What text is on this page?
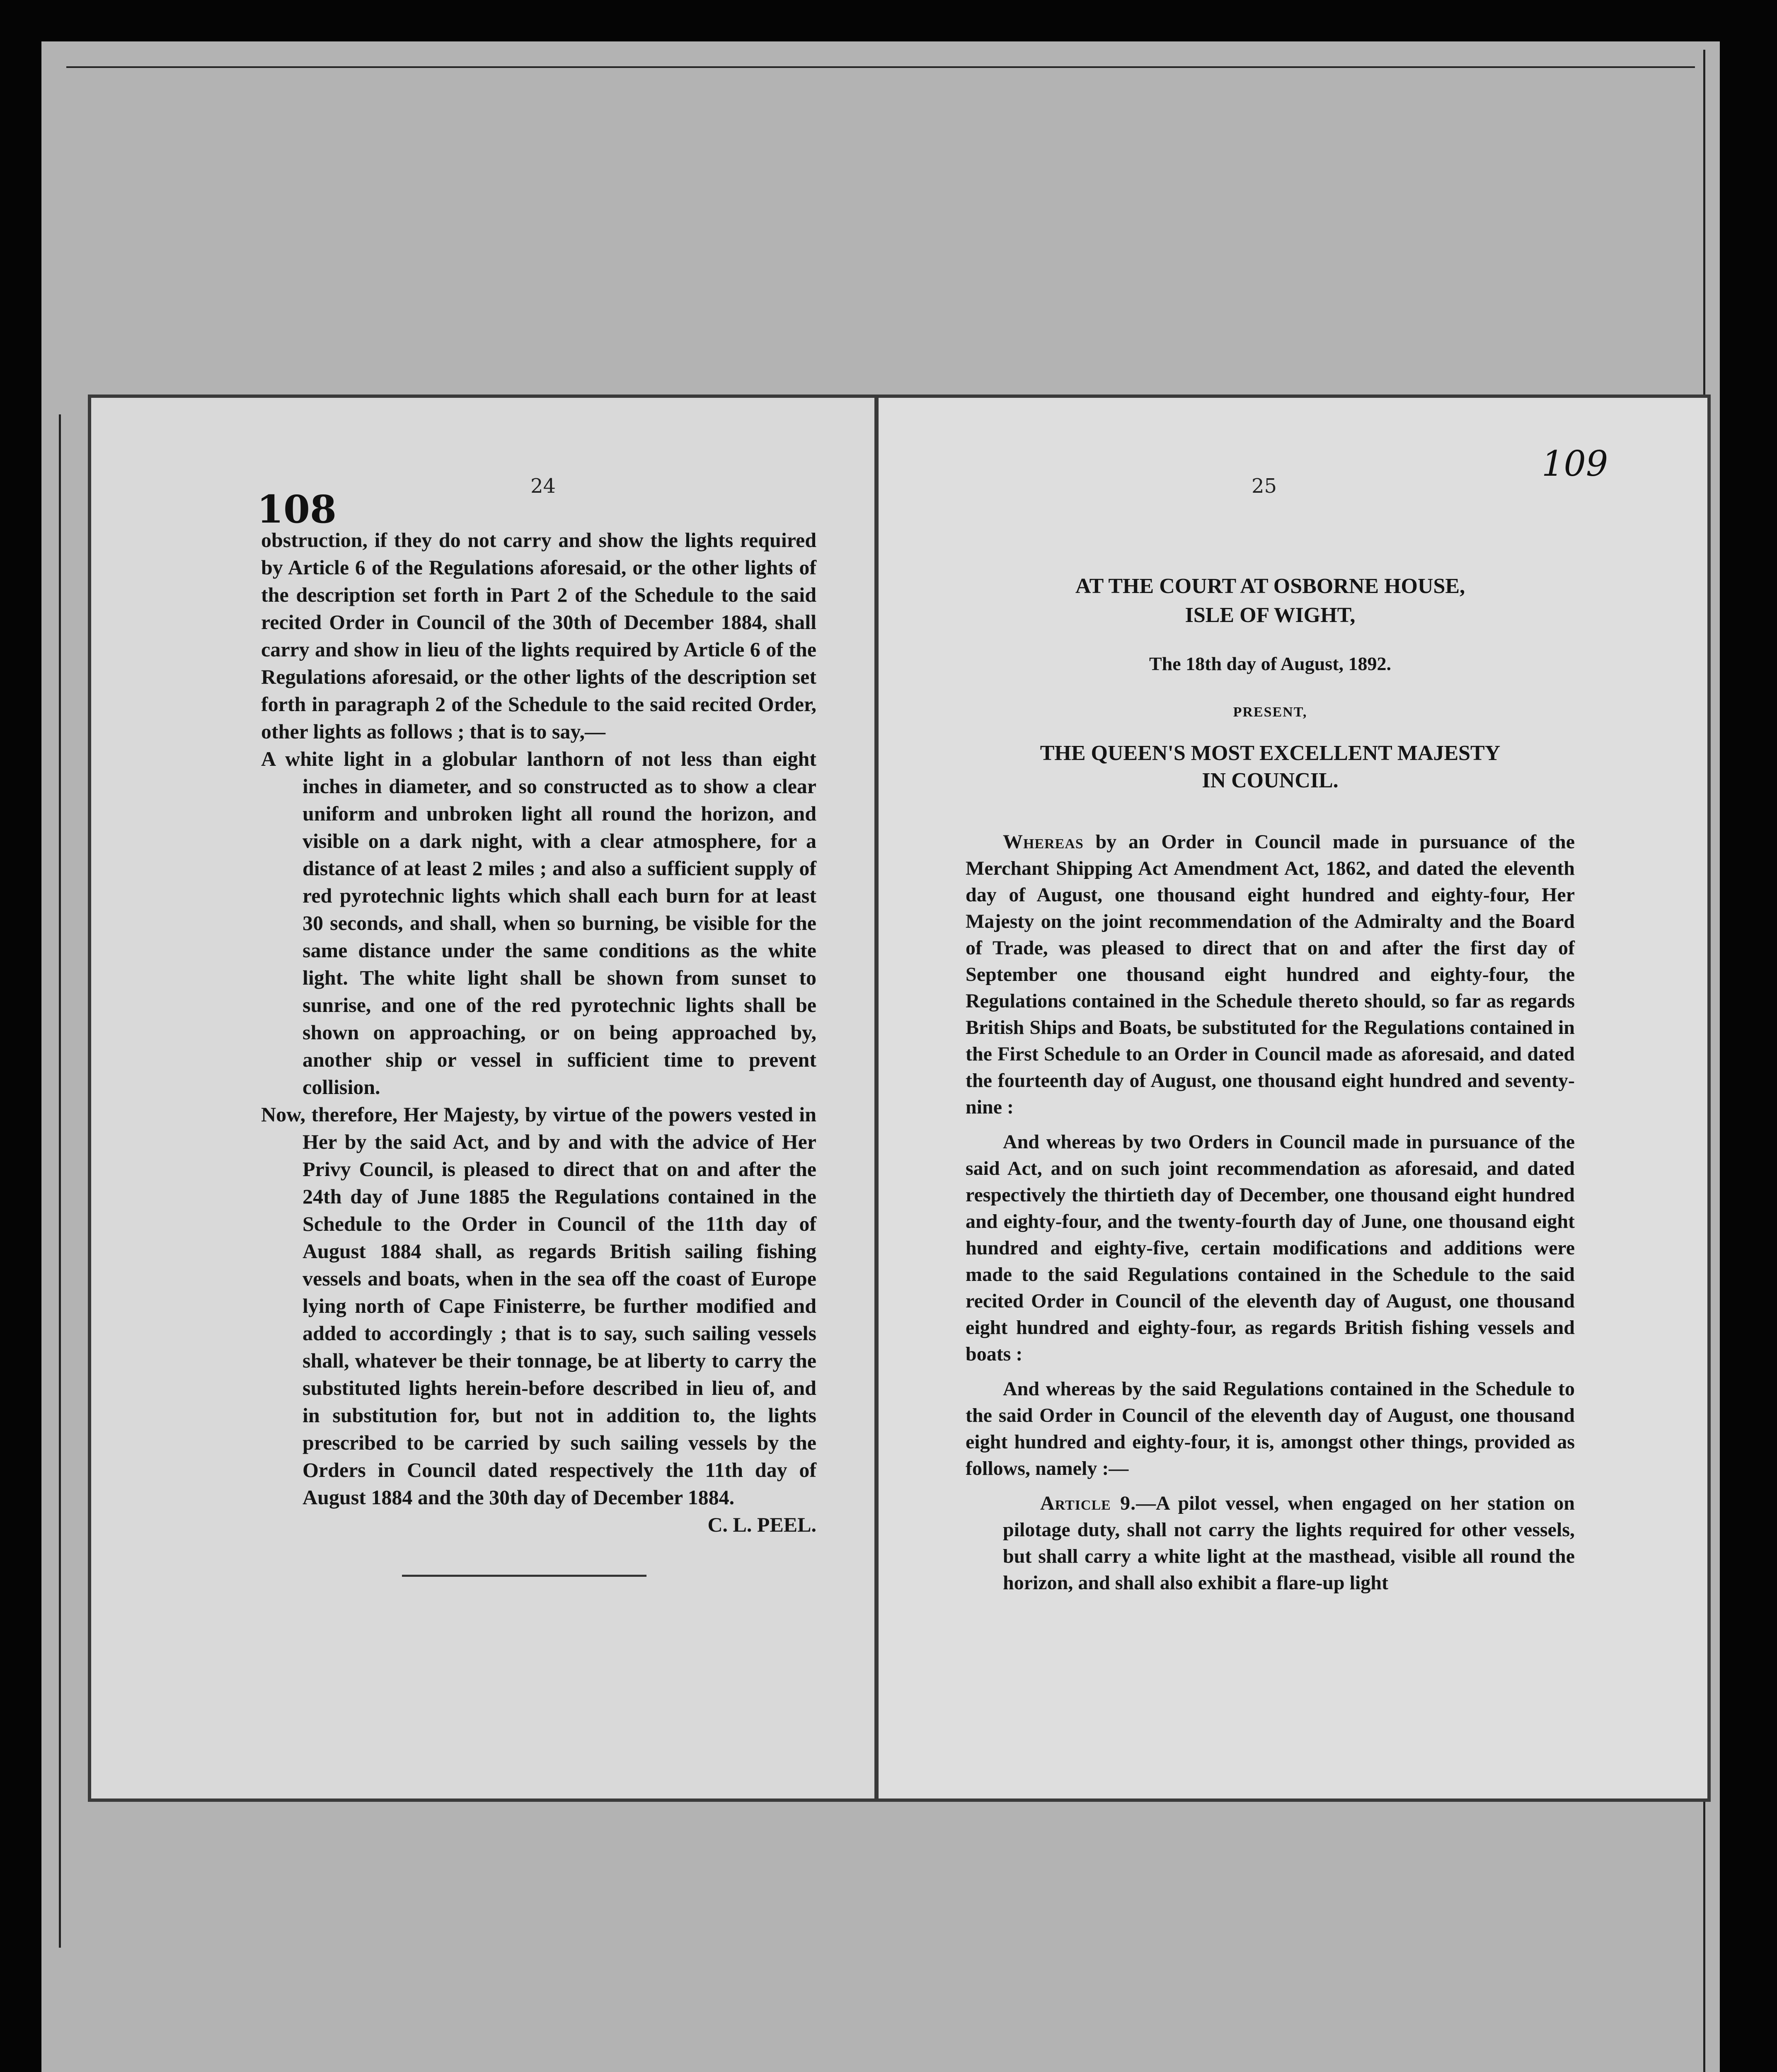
108
24

obstruction, if they do not carry and show the lights required by Article 6 of the Regulations aforesaid, or the other lights of the description set forth in Part 2 of the Schedule to the said recited Order in Council of the 30th of December 1884, shall carry and show in lieu of the lights required by Article 6 of the Regulations aforesaid, or the other lights of the description set forth in paragraph 2 of the Schedule to the said recited Order, other lights as follows ; that is to say,—

A white light in a globular lanthorn of not less than eight inches in diameter, and so constructed as to show a clear uniform and unbroken light all round the horizon, and visible on a dark night, with a clear atmosphere, for a distance of at least 2 miles ; and also a sufficient supply of red pyrotechnic lights which shall each burn for at least 30 seconds, and shall, when so burning, be visible for the same distance under the same conditions as the white light. The white light shall be shown from sunset to sunrise, and one of the red pyrotechnic lights shall be shown on approaching, or on being approached by, another ship or vessel in sufficient time to prevent collision.

Now, therefore, Her Majesty, by virtue of the powers vested in Her by the said Act, and by and with the advice of Her Privy Council, is pleased to direct that on and after the 24th day of June 1885 the Regulations contained in the Schedule to the Order in Council of the 11th day of August 1884 shall, as regards British sailing fishing vessels and boats, when in the sea off the coast of Europe lying north of Cape Finisterre, be further modified and added to accordingly ; that is to say, such sailing vessels shall, whatever be their tonnage, be at liberty to carry the substituted lights herein-before described in lieu of, and in substitution for, but not in addition to, the lights prescribed to be carried by such sailing vessels by the Orders in Council dated respectively the 11th day of August 1884 and the 30th day of December 1884.

C. L. PEEL.

109
25
AT THE COURT AT OSBORNE HOUSE,
ISLE OF WIGHT,
The 18th day of August, 1892.
PRESENT,
THE QUEEN'S MOST EXCELLENT MAJESTY
IN COUNCIL.

Whereas by an Order in Council made in pursuance of the Merchant Shipping Act Amendment Act, 1862, and dated the eleventh day of August, one thousand eight hundred and eighty-four, Her Majesty on the joint recommendation of the Admiralty and the Board of Trade, was pleased to direct that on and after the first day of September one thousand eight hundred and eighty-four, the Regulations contained in the Schedule thereto should, so far as regards British Ships and Boats, be substituted for the Regulations contained in the First Schedule to an Order in Council made as aforesaid, and dated the fourteenth day of August, one thousand eight hundred and seventy-nine :

And whereas by two Orders in Council made in pursuance of the said Act, and on such joint recommendation as aforesaid, and dated respectively the thirtieth day of December, one thousand eight hundred and eighty-four, and the twenty-fourth day of June, one thousand eight hundred and eighty-five, certain modifications and additions were made to the said Regulations contained in the Schedule to the said recited Order in Council of the eleventh day of August, one thousand eight hundred and eighty-four, as regards British fishing vessels and boats :

And whereas by the said Regulations contained in the Schedule to the said Order in Council of the eleventh day of August, one thousand eight hundred and eighty-four, it is, amongst other things, provided as follows, namely :—

Article 9.—A pilot vessel, when engaged on her station on pilotage duty, shall not carry the lights required for other vessels, but shall carry a white light at the masthead, visible all round the horizon, and shall also exhibit a flare-up light
